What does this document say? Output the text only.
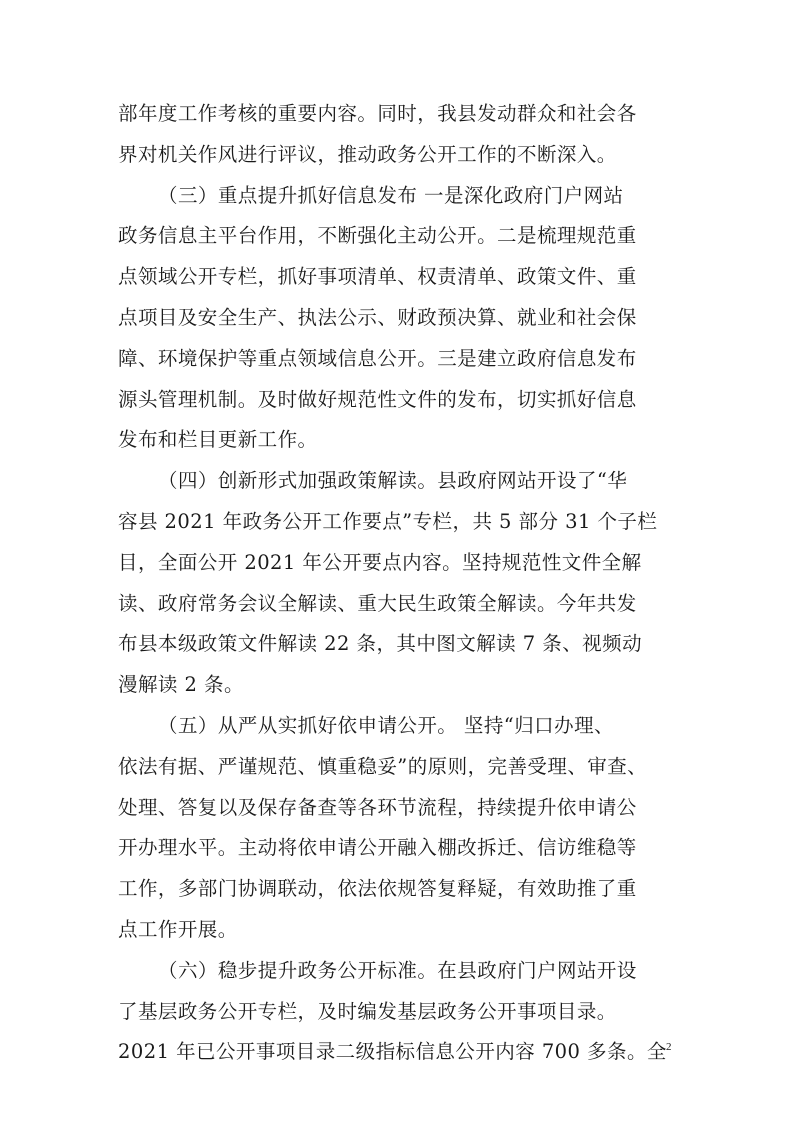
部年度工作考核的重要内容。同时，我县发动群众和社会各
界对机关作风进行评议，推动政务公开工作的不断深入。
（三）重点提升抓好信息发布 一是深化政府门户网站
政务信息主平台作用，不断强化主动公开。二是梳理规范重
点领域公开专栏，抓好事项清单、权责清单、政策文件、重
点项目及安全生产、执法公示、财政预决算、就业和社会保
障、环境保护等重点领域信息公开。三是建立政府信息发布
源头管理机制。及时做好规范性文件的发布，切实抓好信息
发布和栏目更新工作。
（四）创新形式加强政策解读。县政府网站开设了“华
容县 2021 年政务公开工作要点”专栏，共 5 部分 31 个子栏
目，全面公开 2021 年公开要点内容。坚持规范性文件全解
读、政府常务会议全解读、重大民生政策全解读。今年共发
布县本级政策文件解读 22 条，其中图文解读 7 条、视频动
漫解读 2 条。
（五）从严从实抓好依申请公开。 坚持“归口办理、
依法有据、严谨规范、慎重稳妥”的原则，完善受理、审查、
处理、答复以及保存备查等各环节流程，持续提升依申请公
开办理水平。主动将依申请公开融入棚改拆迁、信访维稳等
工作，多部门协调联动，依法依规答复释疑，有效助推了重
点工作开展。
（六）稳步提升政务公开标准。在县政府门户网站开设
了基层政务公开专栏，及时编发基层政务公开事项目录。
2021 年已公开事项目录二级指标信息公开内容 700 多条。全 2
